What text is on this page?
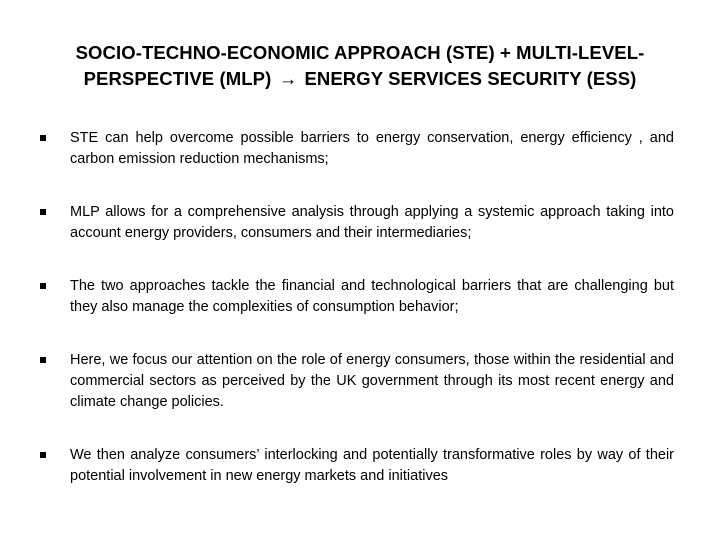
SOCIO-TECHNO-ECONOMIC APPROACH (STE) + MULTI-LEVEL-PERSPECTIVE (MLP) → ENERGY SERVICES SECURITY (ESS)
STE can help overcome possible barriers to energy conservation, energy efficiency , and carbon emission reduction mechanisms;
MLP allows for a comprehensive analysis through applying a systemic approach taking into account energy providers, consumers and their intermediaries;
The two approaches tackle the financial and technological barriers that are challenging but they also manage the complexities of consumption behavior;
Here, we focus our attention on the role of energy consumers, those within the residential and commercial sectors as perceived by the UK government through its most recent energy and climate change policies.
We then analyze consumers’ interlocking and potentially transformative roles by way of their potential involvement in new energy markets and initiatives
